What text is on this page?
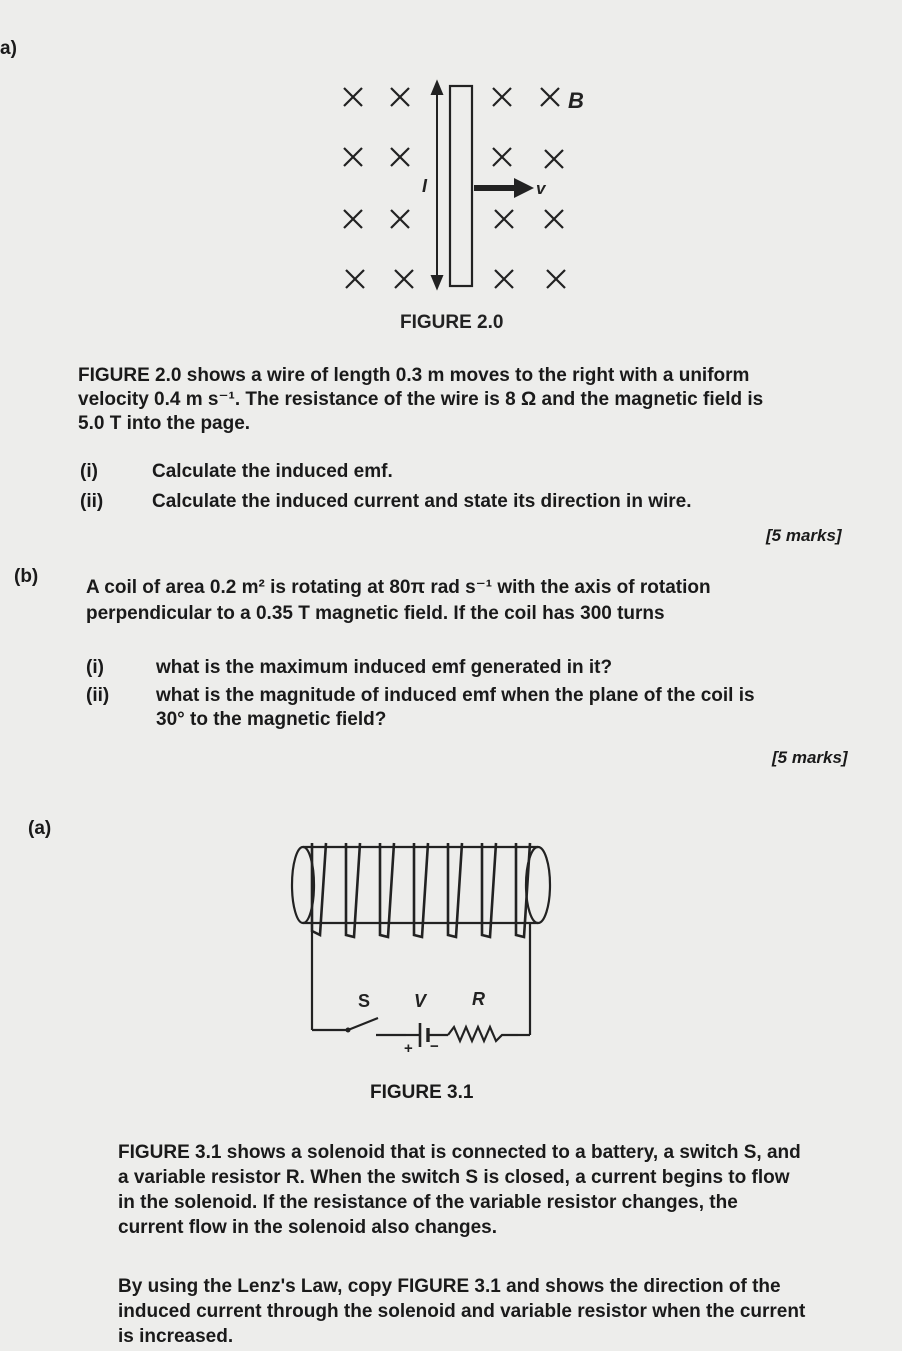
a)
B
I	v
FIGURE 2.0
FIGURE 2.0 shows a wire of length 0.3 m moves to the right with a uniform
velocity 0.4 m s⁻¹. The resistance of the wire is 8 Ω and the magnetic field is
5.0 T into the page.
(i)	Calculate the induced emf.
(ii)	Calculate the induced current and state its direction in wire.
[5 marks]
(b)
A coil of area 0.2 m² is rotating at 80π rad s⁻¹ with the axis of rotation
perpendicular to a 0.35 T magnetic field. If the coil has 300 turns
(i)	what is the maximum induced emf generated in it?
(ii) what is the magnitude of induced emf when the plane of the coil is
30° to the magnetic field?
[5 marks]
(a)
S V	R
+ −
FIGURE 3.1
FIGURE 3.1 shows a solenoid that is connected to a battery, a switch S, and
a variable resistor R. When the switch S is closed, a current begins to flow
in the solenoid. If the resistance of the variable resistor changes, the
current flow in the solenoid also changes.
By using the Lenz's Law, copy FIGURE 3.1 and shows the direction of the
induced current through the solenoid and variable resistor when the current
is increased.
